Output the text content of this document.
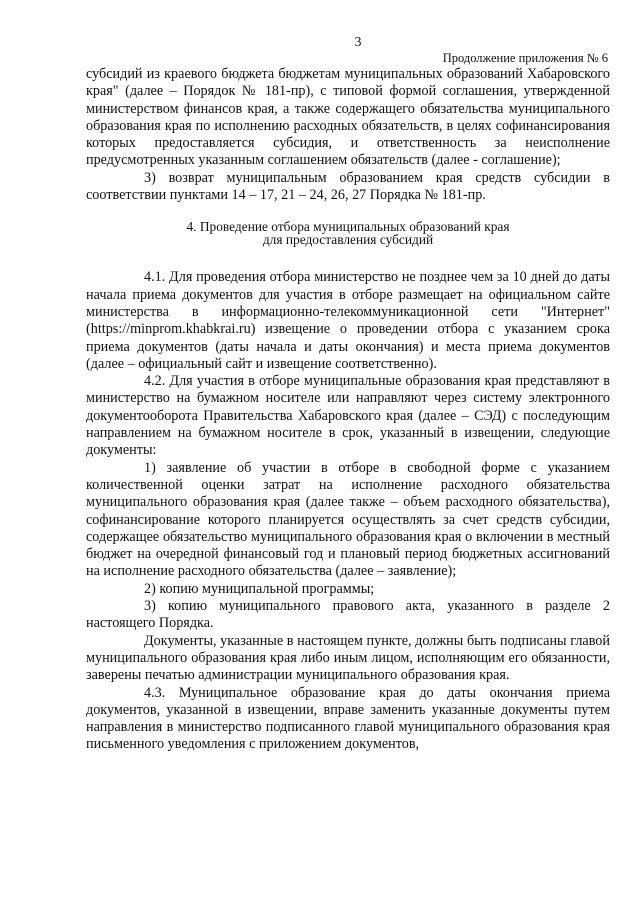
3
Продолжение приложения № 6

субсидий из краевого бюджета бюджетам муниципальных образований Хабаровского края" (далее – Порядок № 181-пр), с типовой формой соглашения, утвержденной министерством финансов края, а также содержащего обязательства муниципального образования края по исполнению расходных обязательств, в целях софинансирования которых предоставляется субсидия, и ответственность за неисполнение предусмотренных указанным соглашением обязательств (далее - соглашение);

3) возврат муниципальным образованием края средств субсидии в соответствии пунктами 14 – 17, 21 – 24, 26, 27 Порядка № 181-пр.

4. Проведение отбора муниципальных образований края
для предоставления субсидий

4.1. Для проведения отбора министерство не позднее чем за 10 дней до даты начала приема документов для участия в отборе размещает на официальном сайте министерства в информационно-телекоммуникационной сети "Интернет" (https://minprom.khabkrai.ru) извещение о проведении отбора с указанием срока приема документов (даты начала и даты окончания) и места приема документов (далее – официальный сайт и извещение соответственно).

4.2. Для участия в отборе муниципальные образования края представляют в министерство на бумажном носителе или направляют через систему электронного документооборота Правительства Хабаровского края (далее – СЭД) с последующим направлением на бумажном носителе в срок, указанный в извещении, следующие документы:

1) заявление об участии в отборе в свободной форме с указанием количественной оценки затрат на исполнение расходного обязательства муниципального образования края (далее также – объем расходного обязательства), софинансирование которого планируется осуществлять за счет средств субсидии, содержащее обязательство муниципального образования края о включении в местный бюджет на очередной финансовый год и плановый период бюджетных ассигнований на исполнение расходного обязательства (далее – заявление);

2) копию муниципальной программы;

3) копию муниципального правового акта, указанного в разделе 2 настоящего Порядка.

Документы, указанные в настоящем пункте, должны быть подписаны главой муниципального образования края либо иным лицом, исполняющим его обязанности, заверены печатью администрации муниципального образования края.

4.3. Муниципальное образование края до даты окончания приема документов, указанной в извещении, вправе заменить указанные документы путем направления в министерство подписанного главой муниципального образования края письменного уведомления с приложением документов,
